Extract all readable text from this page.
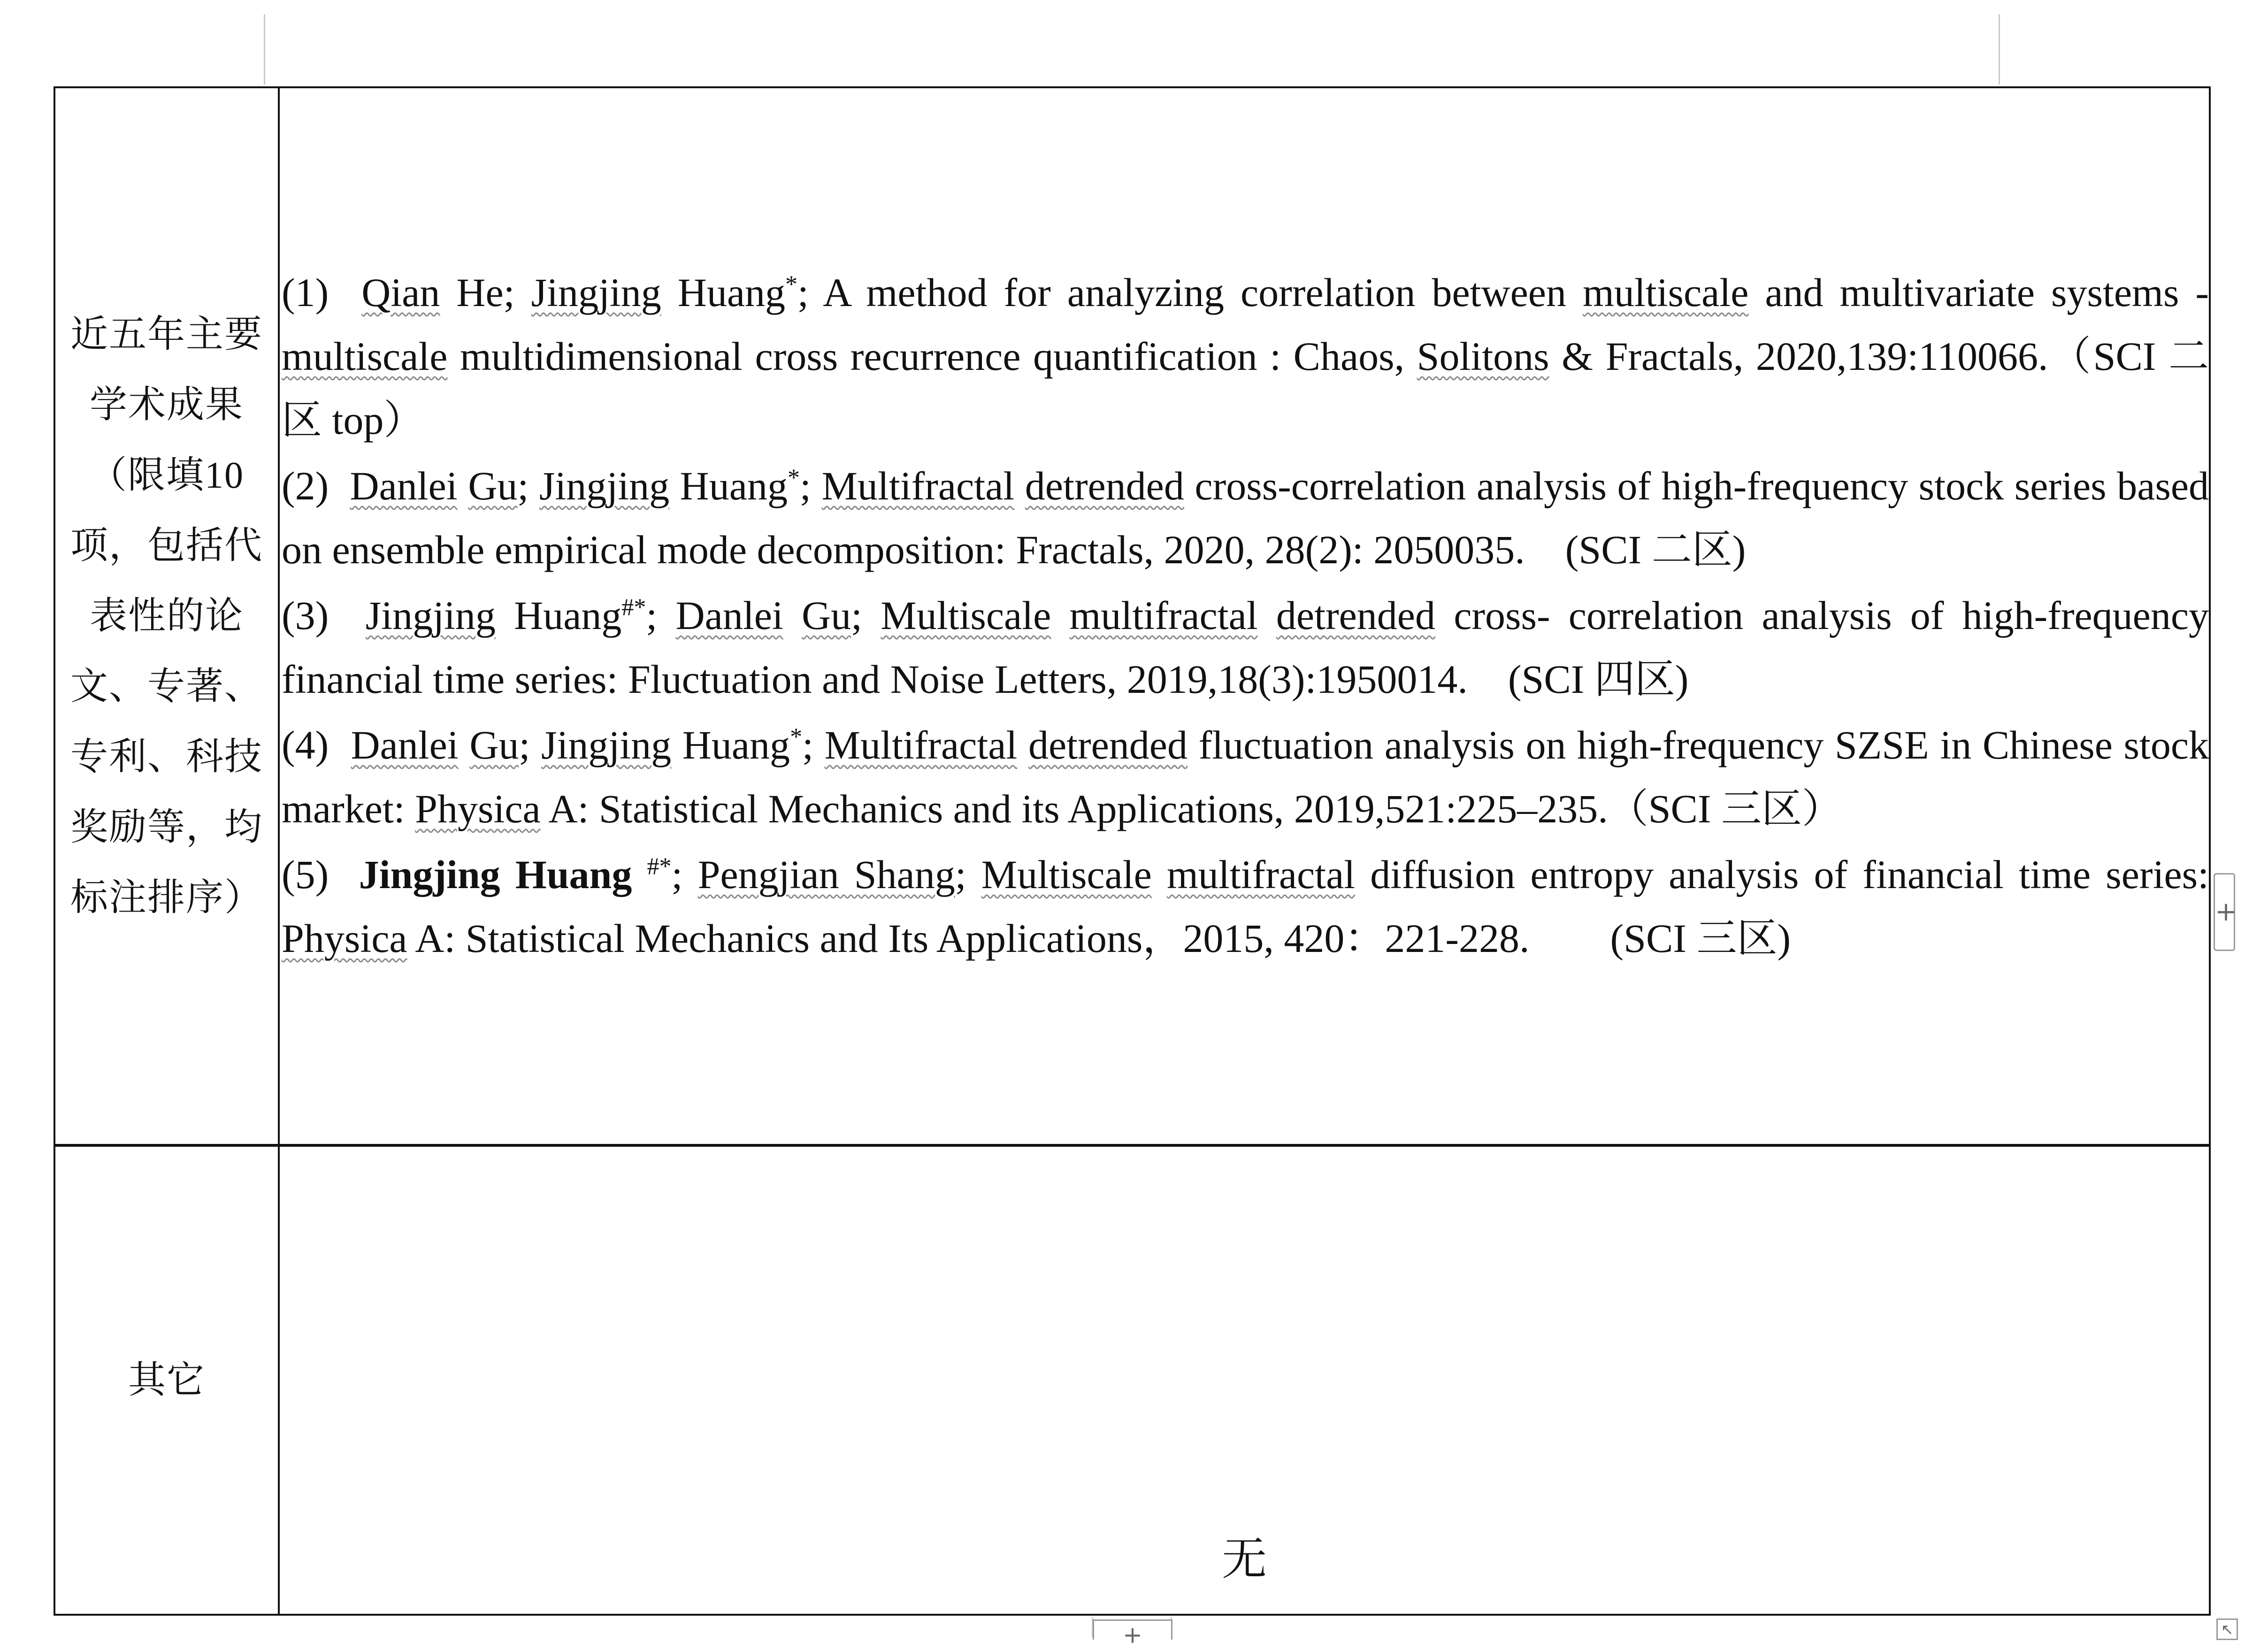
近五年主要学术成果（限填10项，包括代表性的论文、专著、专利、科技奖励等，均标注排序）	(1) Qian He; Jingjing Huang*; A method for analyzing correlation between multiscale and multivariate systems - multiscale multidimensional cross recurrence quantification : Chaos, Solitons & Fractals, 2020,139:110066.（SCI 二区 top）

(2) Danlei Gu; Jingjing Huang*; Multifractal detrended cross-correlation analysis of high-frequency stock series based on ensemble empirical mode decomposition: Fractals, 2020, 28(2): 2050035.　(SCI 二区)

(3) Jingjing Huang#*; Danlei Gu; Multiscale multifractal detrended cross- correlation analysis of high-frequency financial time series: Fluctuation and Noise Letters, 2019,18(3):1950014.　(SCI 四区)

(4) Danlei Gu; Jingjing Huang*; Multifractal detrended fluctuation analysis on high-frequency SZSE in Chinese stock market: Physica A: Statistical Mechanics and its Applications, 2019,521:225–235.（SCI 三区）

(5) Jingjing Huang #*; Pengjian Shang; Multiscale multifractal diffusion entropy analysis of financial time series: Physica A: Statistical Mechanics and Its Applications，2015, 420：221-228.　　(SCI 三区)

其它	无
+
+	↖
